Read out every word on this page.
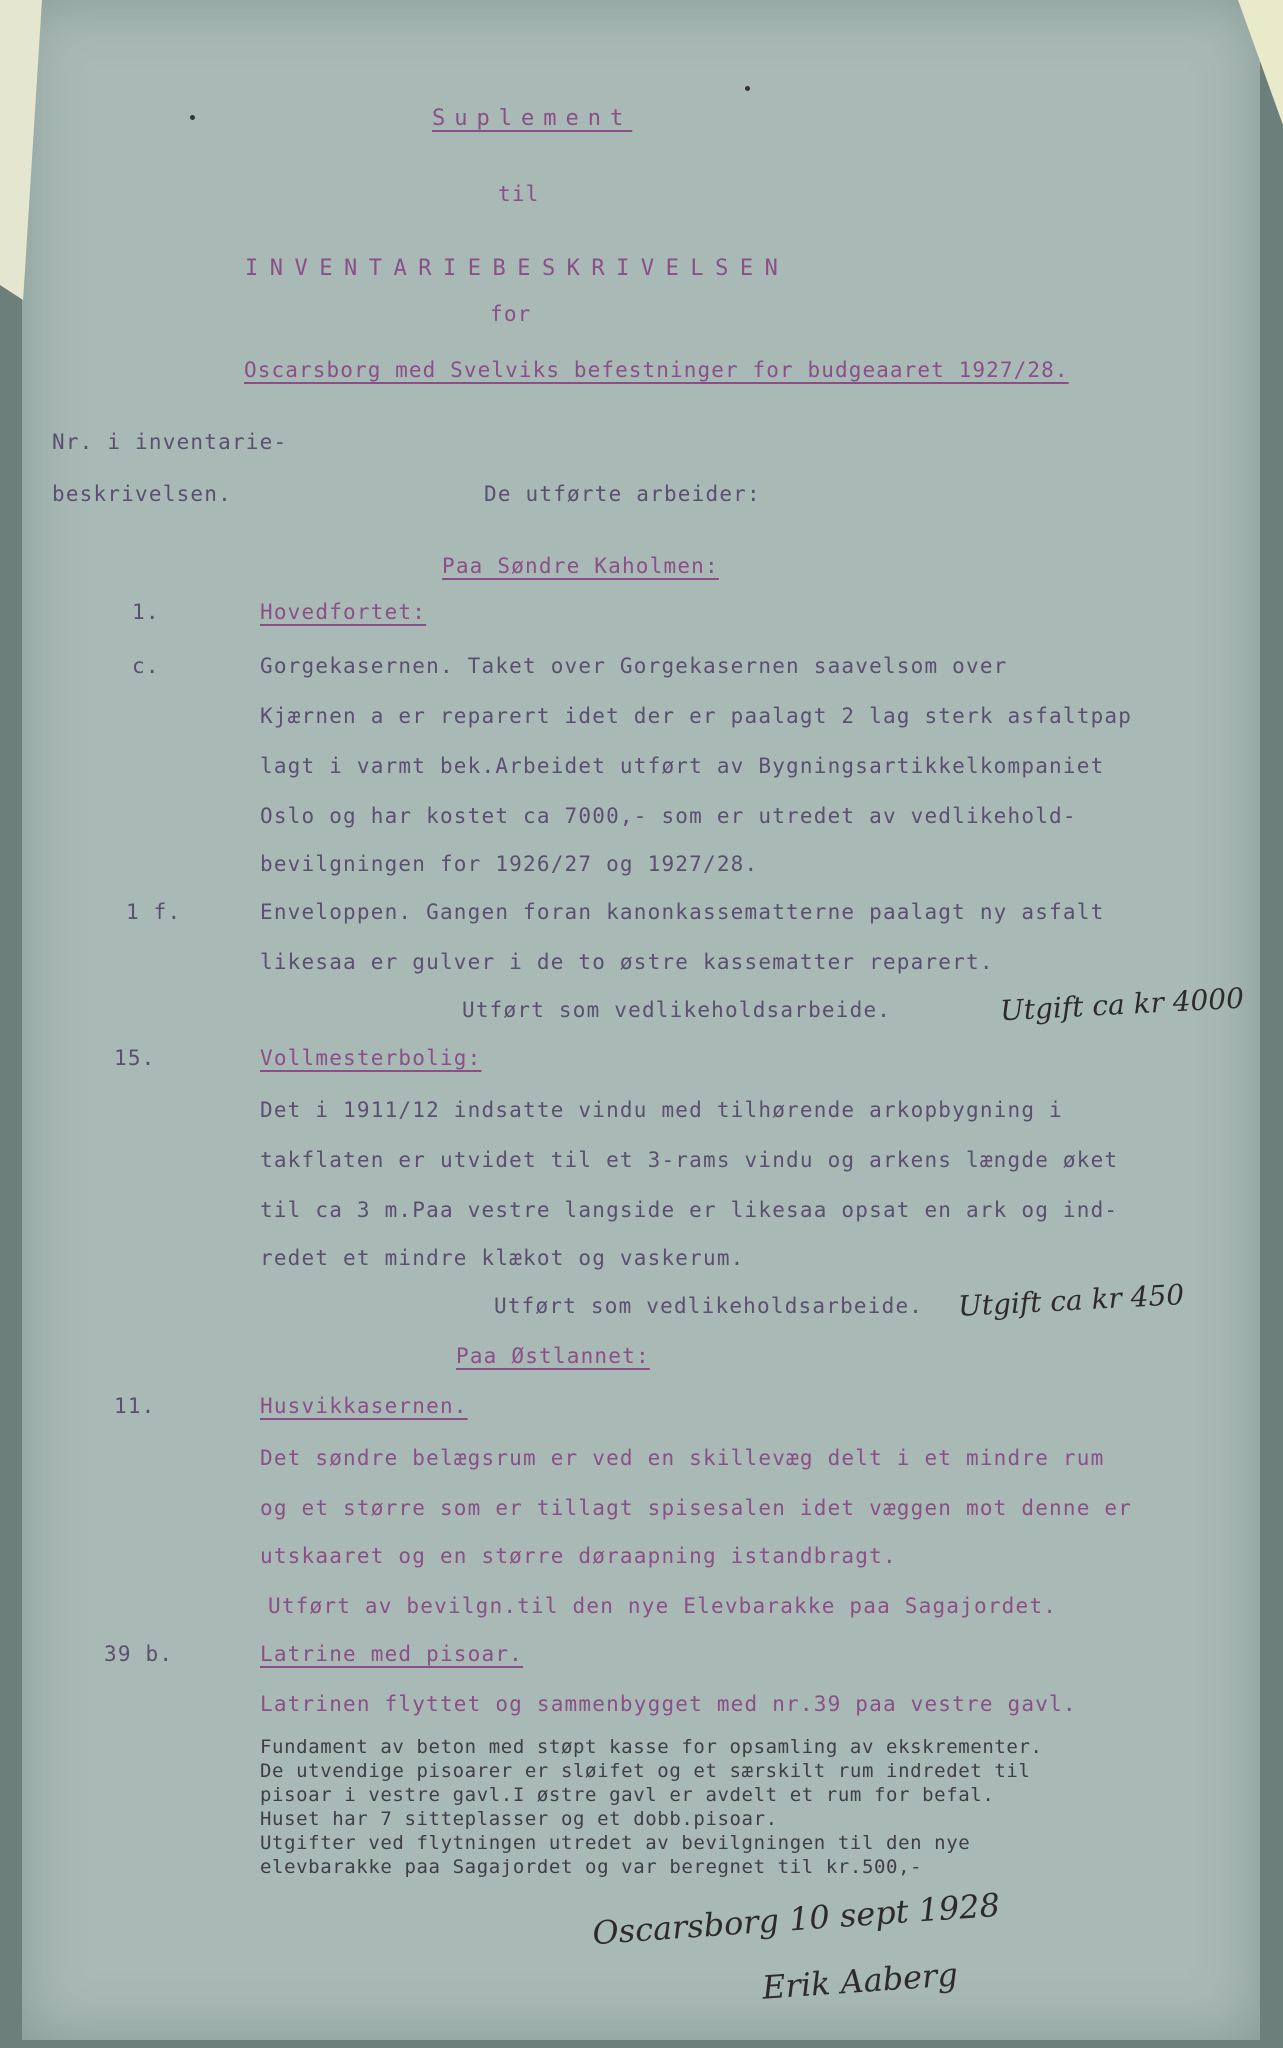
Suplement
til
INVENTARIEBESKRIVELSEN
for
Oscarsborg med Svelviks befestninger for budgeaaret 1927/28.
Nr. i inventarie-
beskrivelsen.	De utførte arbeider:
Paa Søndre Kaholmen:
1.	Hovedfortet:
c.	Gorgekasernen. Taket over Gorgekasernen saavelsom over
Kjærnen a er reparert idet der er paalagt 2 lag sterk asfaltpap
lagt i varmt bek.Arbeidet utført av Bygningsartikkelkompaniet
Oslo og har kostet ca 7000,- som er utredet av vedlikehold-
bevilgningen for 1926/27 og 1927/28.
1 f.	Enveloppen. Gangen foran kanonkassematterne paalagt ny asfalt
likesaa er gulver i de to østre kassematter reparert.
Utført som vedlikeholdsarbeide.	Utgift ca kr 4000
15.	Vollmesterbolig:
Det i 1911/12 indsatte vindu med tilhørende arkopbygning i
takflaten er utvidet til et 3-rams vindu og arkens længde øket
til ca 3 m.Paa vestre langside er likesaa opsat en ark og ind-
redet et mindre klækot og vaskerum.
Utført som vedlikeholdsarbeide. Utgift ca kr 450
Paa Østlannet:
11.	Husvikkasernen.
Det søndre belægsrum er ved en skillevæg delt i et mindre rum
og et større som er tillagt spisesalen idet væggen mot denne er
utskaaret og en større døraapning istandbragt.
Utført av bevilgn.til den nye Elevbarakke paa Sagajordet.
39 b.	Latrine med pisoar.
Latrinen flyttet og sammenbygget med nr.39 paa vestre gavl.
Fundament av beton med støpt kasse for opsamling av ekskrementer.
De utvendige pisoarer er sløifet og et særskilt rum indredet til
pisoar i vestre gavl.I østre gavl er avdelt et rum for befal.
Huset har 7 sitteplasser og et dobb.pisoar.
Utgifter ved flytningen utredet av bevilgningen til den nye
elevbarakke paa Sagajordet og var beregnet til kr.500,-
Oscarsborg 10 sept 1928
Erik Aaberg
